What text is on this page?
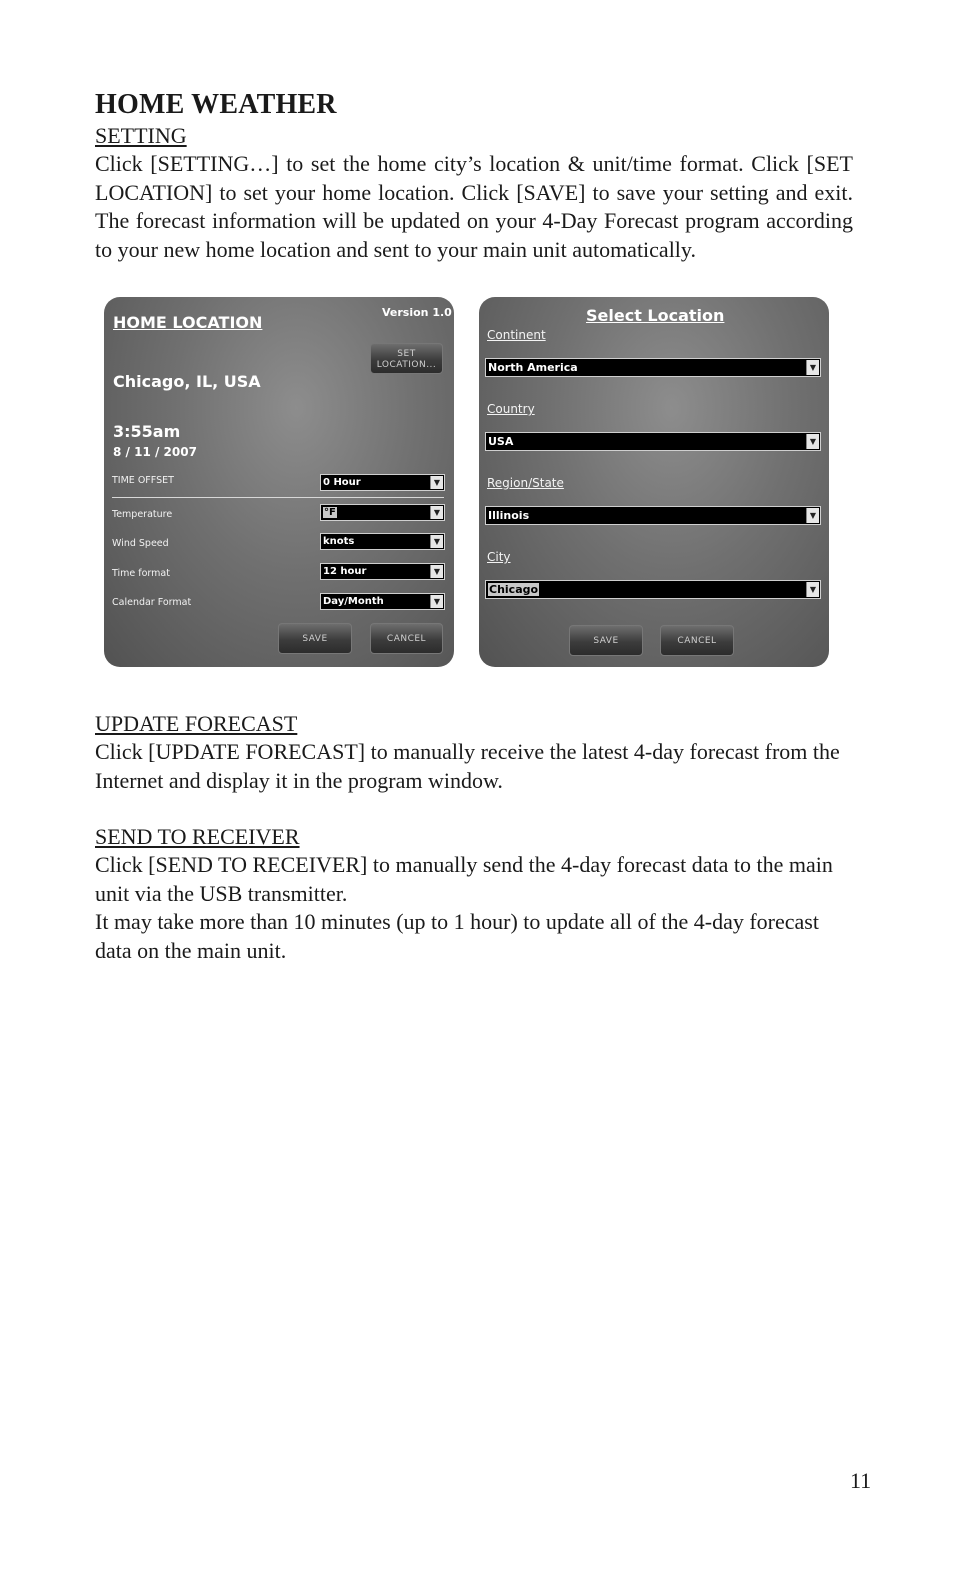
HOME WEATHER

SETTING

Click [SETTING…] to set the home city’s location & unit/time format. Click [SET LOCATION] to set your home location. Click [SAVE] to save your setting and exit. The forecast information will be updated on your 4-Day Forecast program according to your new home location and sent to your main unit automatically.

HOME LOCATION
Version 1.0
SET
LOCATION...
Chicago, IL, USA
3:55am
8 / 11 / 2007
TIME OFFSET	0 Hour	▼
Temperature	°F	▼
Wind Speed	knots	▼
Time format	12 hour	▼
Calendar Format	Day/Month	▼
SAVE	CANCEL
Select Location
Continent
North America	▼
Country
USA	▼
Region/State
Illinois	▼
City
Chicago	▼
SAVE	CANCEL

UPDATE FORECAST

Click [UPDATE FORECAST] to manually receive the latest 4-day forecast from the Internet and display it in the program window.

SEND TO RECEIVER

Click [SEND TO RECEIVER] to manually send the 4-day forecast data to the main unit via the USB transmitter.

It may take more than 10 minutes (up to 1 hour) to update all of the 4-day forecast data on the main unit.

11
